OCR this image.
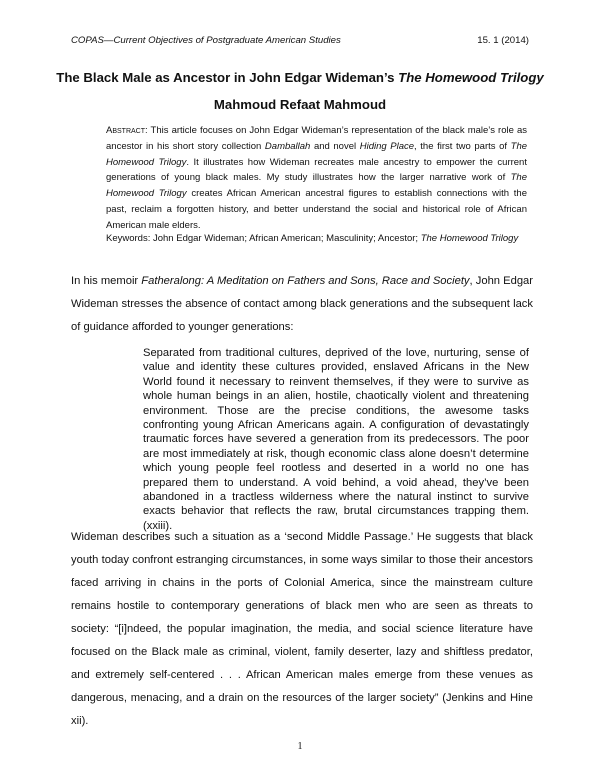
COPAS—Current Objectives of Postgraduate American Studies	15. 1 (2014)
The Black Male as Ancestor in John Edgar Wideman’s The Homewood Trilogy
Mahmoud Refaat Mahmoud
Abstract: This article focuses on John Edgar Wideman’s representation of the black male’s role as ancestor in his short story collection Damballah and novel Hiding Place, the first two parts of The Homewood Trilogy. It illustrates how Wideman recreates male ancestry to empower the current generations of young black males. My study illustrates how the larger narrative work of The Homewood Trilogy creates African American ancestral figures to establish connections with the past, reclaim a forgotten history, and better understand the social and historical role of African American male elders.
Keywords: John Edgar Wideman; African American; Masculinity; Ancestor; The Homewood Trilogy
In his memoir Fatheralong: A Meditation on Fathers and Sons, Race and Society, John Edgar Wideman stresses the absence of contact among black generations and the subsequent lack of guidance afforded to younger generations:
Separated from traditional cultures, deprived of the love, nurturing, sense of value and identity these cultures provided, enslaved Africans in the New World found it necessary to reinvent themselves, if they were to survive as whole human beings in an alien, hostile, chaotically violent and threatening environment. Those are the precise conditions, the awesome tasks confronting young African Americans again. A configuration of devastatingly traumatic forces have severed a generation from its predecessors. The poor are most immediately at risk, though economic class alone doesn’t determine which young people feel rootless and deserted in a world no one has prepared them to understand. A void behind, a void ahead, they’ve been abandoned in a tractless wilderness where the natural instinct to survive exacts behavior that reflects the raw, brutal circumstances trapping them. (xxiii).
Wideman describes such a situation as a ‘second Middle Passage.’ He suggests that black youth today confront estranging circumstances, in some ways similar to those their ancestors faced arriving in chains in the ports of Colonial America, since the mainstream culture remains hostile to contemporary generations of black men who are seen as threats to society: “[i]ndeed, the popular imagination, the media, and social science literature have focused on the Black male as criminal, violent, family deserter, lazy and shiftless predator, and extremely self-centered . . . African American males emerge from these venues as dangerous, menacing, and a drain on the resources of the larger society” (Jenkins and Hine xii).
1
